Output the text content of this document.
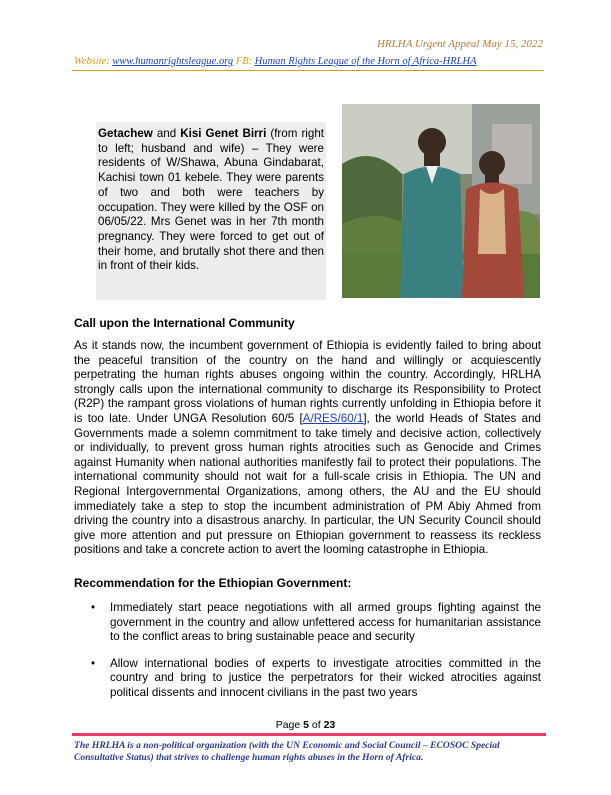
HRLHA Urgent Appeal May 15, 2022
Website: www.humanrightsleague.org FB: Human Rights League of the Horn of Africa-HRLHA
Getachew and Kisi Genet Birri (from right to left; husband and wife) – They were residents of W/Shawa, Abuna Gindabarat, Kachisi town 01 kebele. They were parents of two and both were teachers by occupation. They were killed by the OSF on 06/05/22. Mrs Genet was in her 7th month pregnancy. They were forced to get out of their home, and brutally shot there and then in front of their kids.
Call upon the International Community
As it stands now, the incumbent government of Ethiopia is evidently failed to bring about the peaceful transition of the country on the hand and willingly or acquiescently perpetrating the human rights abuses ongoing within the country. Accordingly, HRLHA strongly calls upon the international community to discharge its Responsibility to Protect (R2P) the rampant gross violations of human rights currently unfolding in Ethiopia before it is too late. Under UNGA Resolution 60/5 [A/RES/60/1], the world Heads of States and Governments made a solemn commitment to take timely and decisive action, collectively or individually, to prevent gross human rights atrocities such as Genocide and Crimes against Humanity when national authorities manifestly fail to protect their populations. The international community should not wait for a full-scale crisis in Ethiopia. The UN and Regional Intergovernmental Organizations, among others, the AU and the EU should immediately take a step to stop the incumbent administration of PM Abiy Ahmed from driving the country into a disastrous anarchy. In particular, the UN Security Council should give more attention and put pressure on Ethiopian government to reassess its reckless positions and take a concrete action to avert the looming catastrophe in Ethiopia.
Recommendation for the Ethiopian Government:
• Immediately start peace negotiations with all armed groups fighting against the government in the country and allow unfettered access for humanitarian assistance to the conflict areas to bring sustainable peace and security
• Allow international bodies of experts to investigate atrocities committed in the country and bring to justice the perpetrators for their wicked atrocities against political dissents and innocent civilians in the past two years
Page 5 of 23
The HRLHA is a non-political organization (with the UN Economic and Social Council – ECOSOC Special Consultative Status) that strives to challenge human rights abuses in the Horn of Africa.
